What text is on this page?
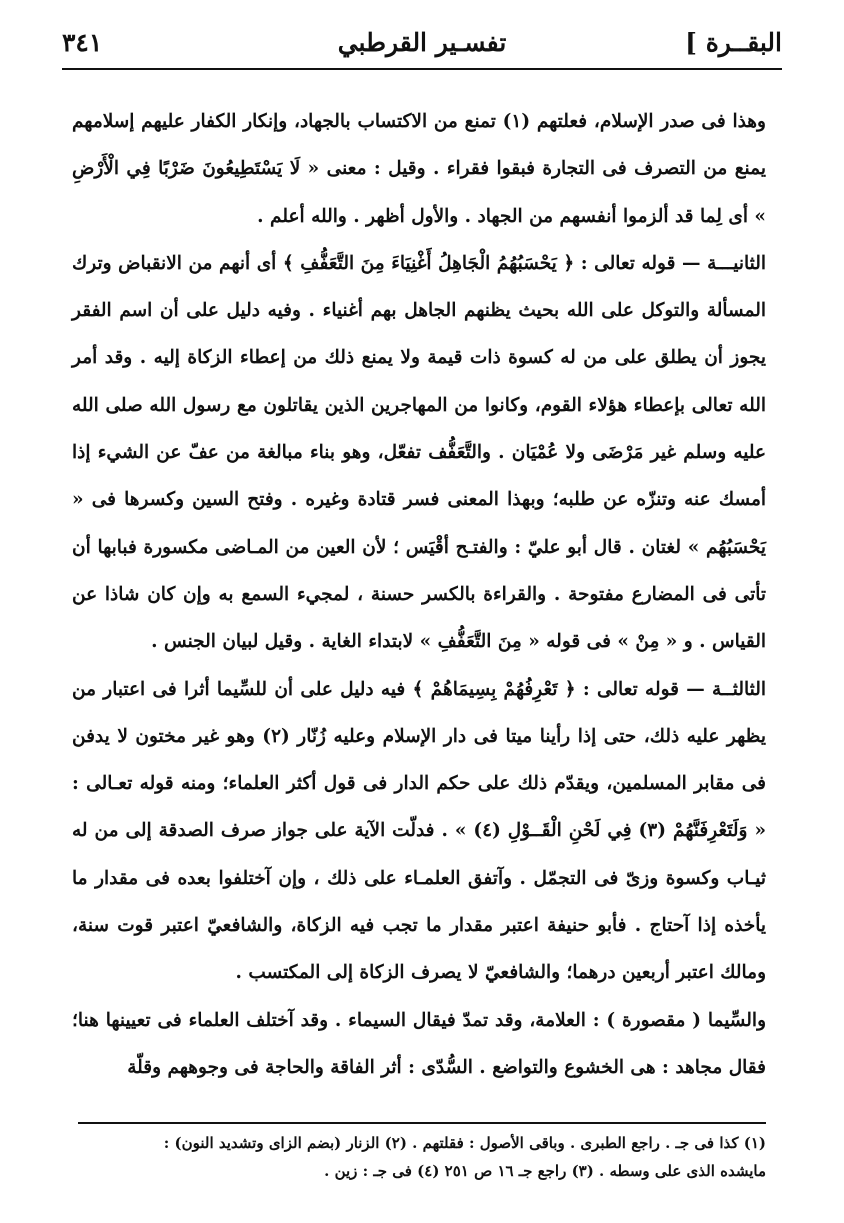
البقــرة ]
تفسـير القرطبي
٣٤١

وهذا فى صدر الإسلام، فعلتهم (١) تمنع من الاكتساب بالجهاد، وإنكار الكفار عليهم إسلامهم يمنع من التصرف فى التجارة فبقوا فقراء . وقيل : معنى « لَا يَسْتَطِيعُونَ ضَرْبًا فِي الْأَرْضِ » أى لِما قد ألزموا أنفسهم من الجهاد . والأول أظهر . والله أعلم .

الثانيـــة — قوله تعالى : ﴿ يَحْسَبُهُمُ الْجَاهِلُ أَغْنِيَاءَ مِنَ التَّعَفُّفِ ﴾ أى أنهم من الانقباض وترك المسألة والتوكل على الله بحيث يظنهم الجاهل بهم أغنياء . وفيه دليل على أن اسم الفقر يجوز أن يطلق على من له كسوة ذات قيمة ولا يمنع ذلك من إعطاء الزكاة إليه . وقد أمر الله تعالى بإعطاء هؤلاء القوم، وكانوا من المهاجرين الذين يقاتلون مع رسول الله صلى الله عليه وسلم غير مَرْضَى ولا عُمْيَان . والتَّعَفُّف تفعّل، وهو بناء مبالغة من عفّ عن الشيء إذا أمسك عنه وتنزّه عن طلبه؛ وبهذا المعنى فسر قتادة وغيره . وفتح السين وكسرها فى « يَحْسَبُهُم » لغتان . قال أبو عليّ : والفتـح أقْيَس ؛ لأن العين من المـاضى مكسورة فبابها أن تأتى فى المضارع مفتوحة . والقراءة بالكسر حسنة ، لمجيء السمع به وإن كان شاذا عن القياس . و « مِنْ » فى قوله « مِنَ التَّعَفُّفِ » لابتداء الغاية . وقيل لبيان الجنس .

الثالثــة — قوله تعالى : ﴿ تَعْرِفُهُمْ بِسِيمَاهُمْ ﴾ فيه دليل على أن للسِّيما أثرا فى اعتبار من يظهر عليه ذلك، حتى إذا رأينا ميتا فى دار الإسلام وعليه زُنّار (٢) وهو غير مختون لا يدفن فى مقابر المسلمين، ويقدّم ذلك على حكم الدار فى قول أكثر العلماء؛ ومنه قوله تعـالى : « وَلَتَعْرِفَنَّهُمْ (٣) فِي لَحْنِ الْقَــوْلِ (٤) » . فدلّت الآية على جواز صرف الصدقة إلى من له ثيـاب وكسوة وزىّ فى التجمّل . وآتفق العلمـاء على ذلك ، وإن آختلفوا بعده فى مقدار ما يأخذه إذا آحتاج . فأبو حنيفة اعتبر مقدار ما تجب فيه الزكاة، والشافعيّ اعتبر قوت سنة، ومالك اعتبر أربعين درهما؛ والشافعيّ لا يصرف الزكاة إلى المكتسب .

والسِّيما ( مقصورة ) : العلامة، وقد تمدّ فيقال السيماء . وقد آختلف العلماء فى تعيينها هنا؛ فقال مجاهد : هى الخشوع والتواضع . السُّدّى : أثر الفاقة والحاجة فى وجوههم وقلّة

(١) كذا فى جـ . راجع الطبرى . وباقى الأصول : فقلتهم . (٢) الزنار (بضم الزاى وتشديد النون) :
مايشده الذى على وسطه . (٣) راجع جـ ١٦ ص ٢٥١ (٤) فى جـ : زين .
